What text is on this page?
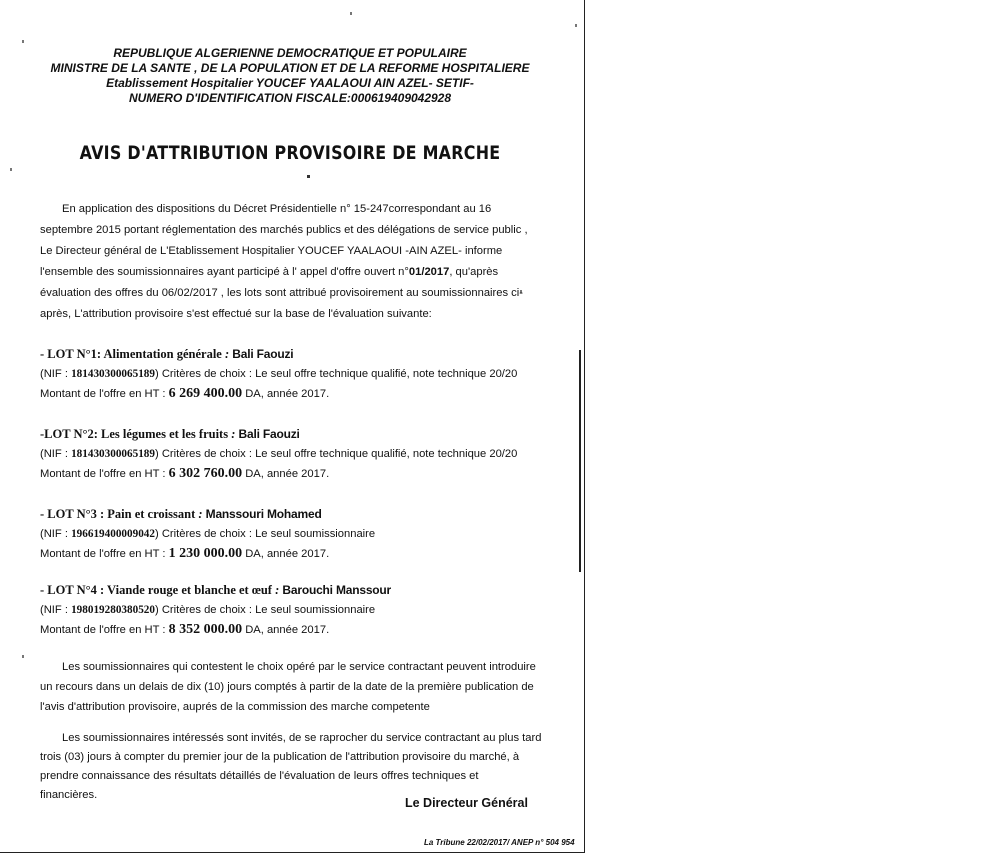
REPUBLIQUE ALGERIENNE DEMOCRATIQUE ET POPULAIRE
MINISTRE DE LA SANTE , DE LA POPULATION ET DE LA REFORME HOSPITALIERE
Etablissement Hospitalier YOUCEF YAALAOUI AIN AZEL- SETIF-
NUMERO D'IDENTIFICATION FISCALE:000619409042928
AVIS D'ATTRIBUTION PROVISOIRE DE MARCHE
En application des dispositions du Décret Présidentielle n° 15-247correspondant au 16
septembre 2015 portant réglementation des marchés publics et des délégations de service public ,
Le Directeur général de L'Etablissement Hospitalier YOUCEF YAALAOUI -AIN AZEL- informe
l'ensemble des soumissionnaires ayant participé à l' appel d'offre ouvert n°01/2017, qu'après
évaluation des offres du 06/02/2017 , les lots sont attribué provisoirement au soumissionnaires ci-
après, L'attribution provisoire s'est effectué sur la base de l'évaluation suivante:
- LOT N°1: Alimentation générale : Bali Faouzi
(NIF : 181430300065189) Critères de choix : Le seul offre technique qualifié, note technique 20/20
Montant de l'offre en HT : 6 269 400.00 DA, année 2017.
-LOT N°2: Les légumes et les fruits : Bali Faouzi
(NIF : 181430300065189) Critères de choix : Le seul offre technique qualifié, note technique 20/20
Montant de l'offre en HT : 6 302 760.00 DA, année 2017.
- LOT N°3 : Pain et croissant : Manssouri Mohamed
(NIF : 196619400009042) Critères de choix : Le seul soumissionnaire
Montant de l'offre en HT : 1 230 000.00 DA, année 2017.
- LOT N°4 : Viande rouge et blanche et œuf : Barouchi Manssour
(NIF : 198019280380520) Critères de choix : Le seul soumissionnaire
Montant de l'offre en HT : 8 352 000.00 DA, année 2017.
Les soumissionnaires qui contestent le choix opéré par le service contractant peuvent introduire
un recours dans un delais de dix (10) jours comptés à partir de la date de la première publication de
l'avis d'attribution provisoire, auprés de la commission des marche competente
Les soumissionnaires intéressés sont invités, de se raprocher du service contractant au plus tard
trois (03) jours à compter du premier jour de la publication de l'attribution provisoire du marché, à
prendre connaissance des résultats détaillés de l'évaluation de leurs offres techniques et
financières.
Le Directeur Général
La Tribune 22/02/2017/ ANEP n° 504 954
